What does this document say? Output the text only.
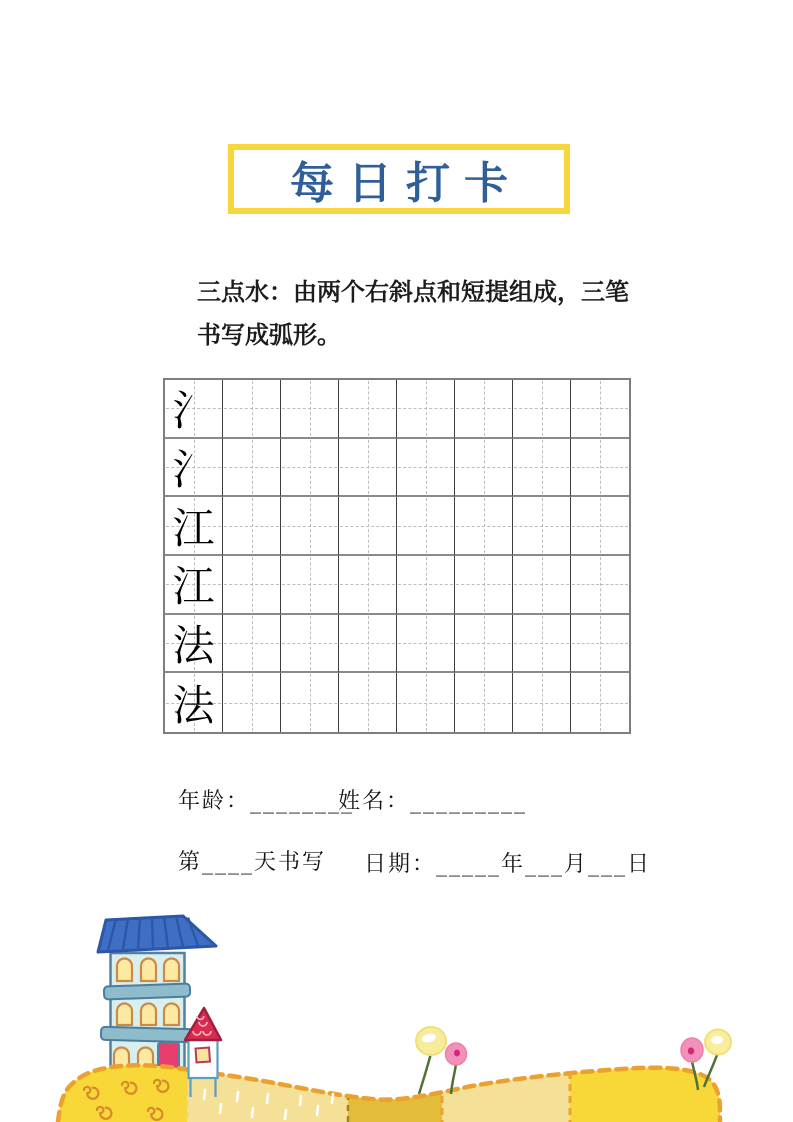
每日打卡
三点水：由两个右斜点和短提组成，三笔
书写成弧形。
氵
氵
江
江
法
法
年龄：________
姓名：_________
第____天书写 日期：_____年___月___日
